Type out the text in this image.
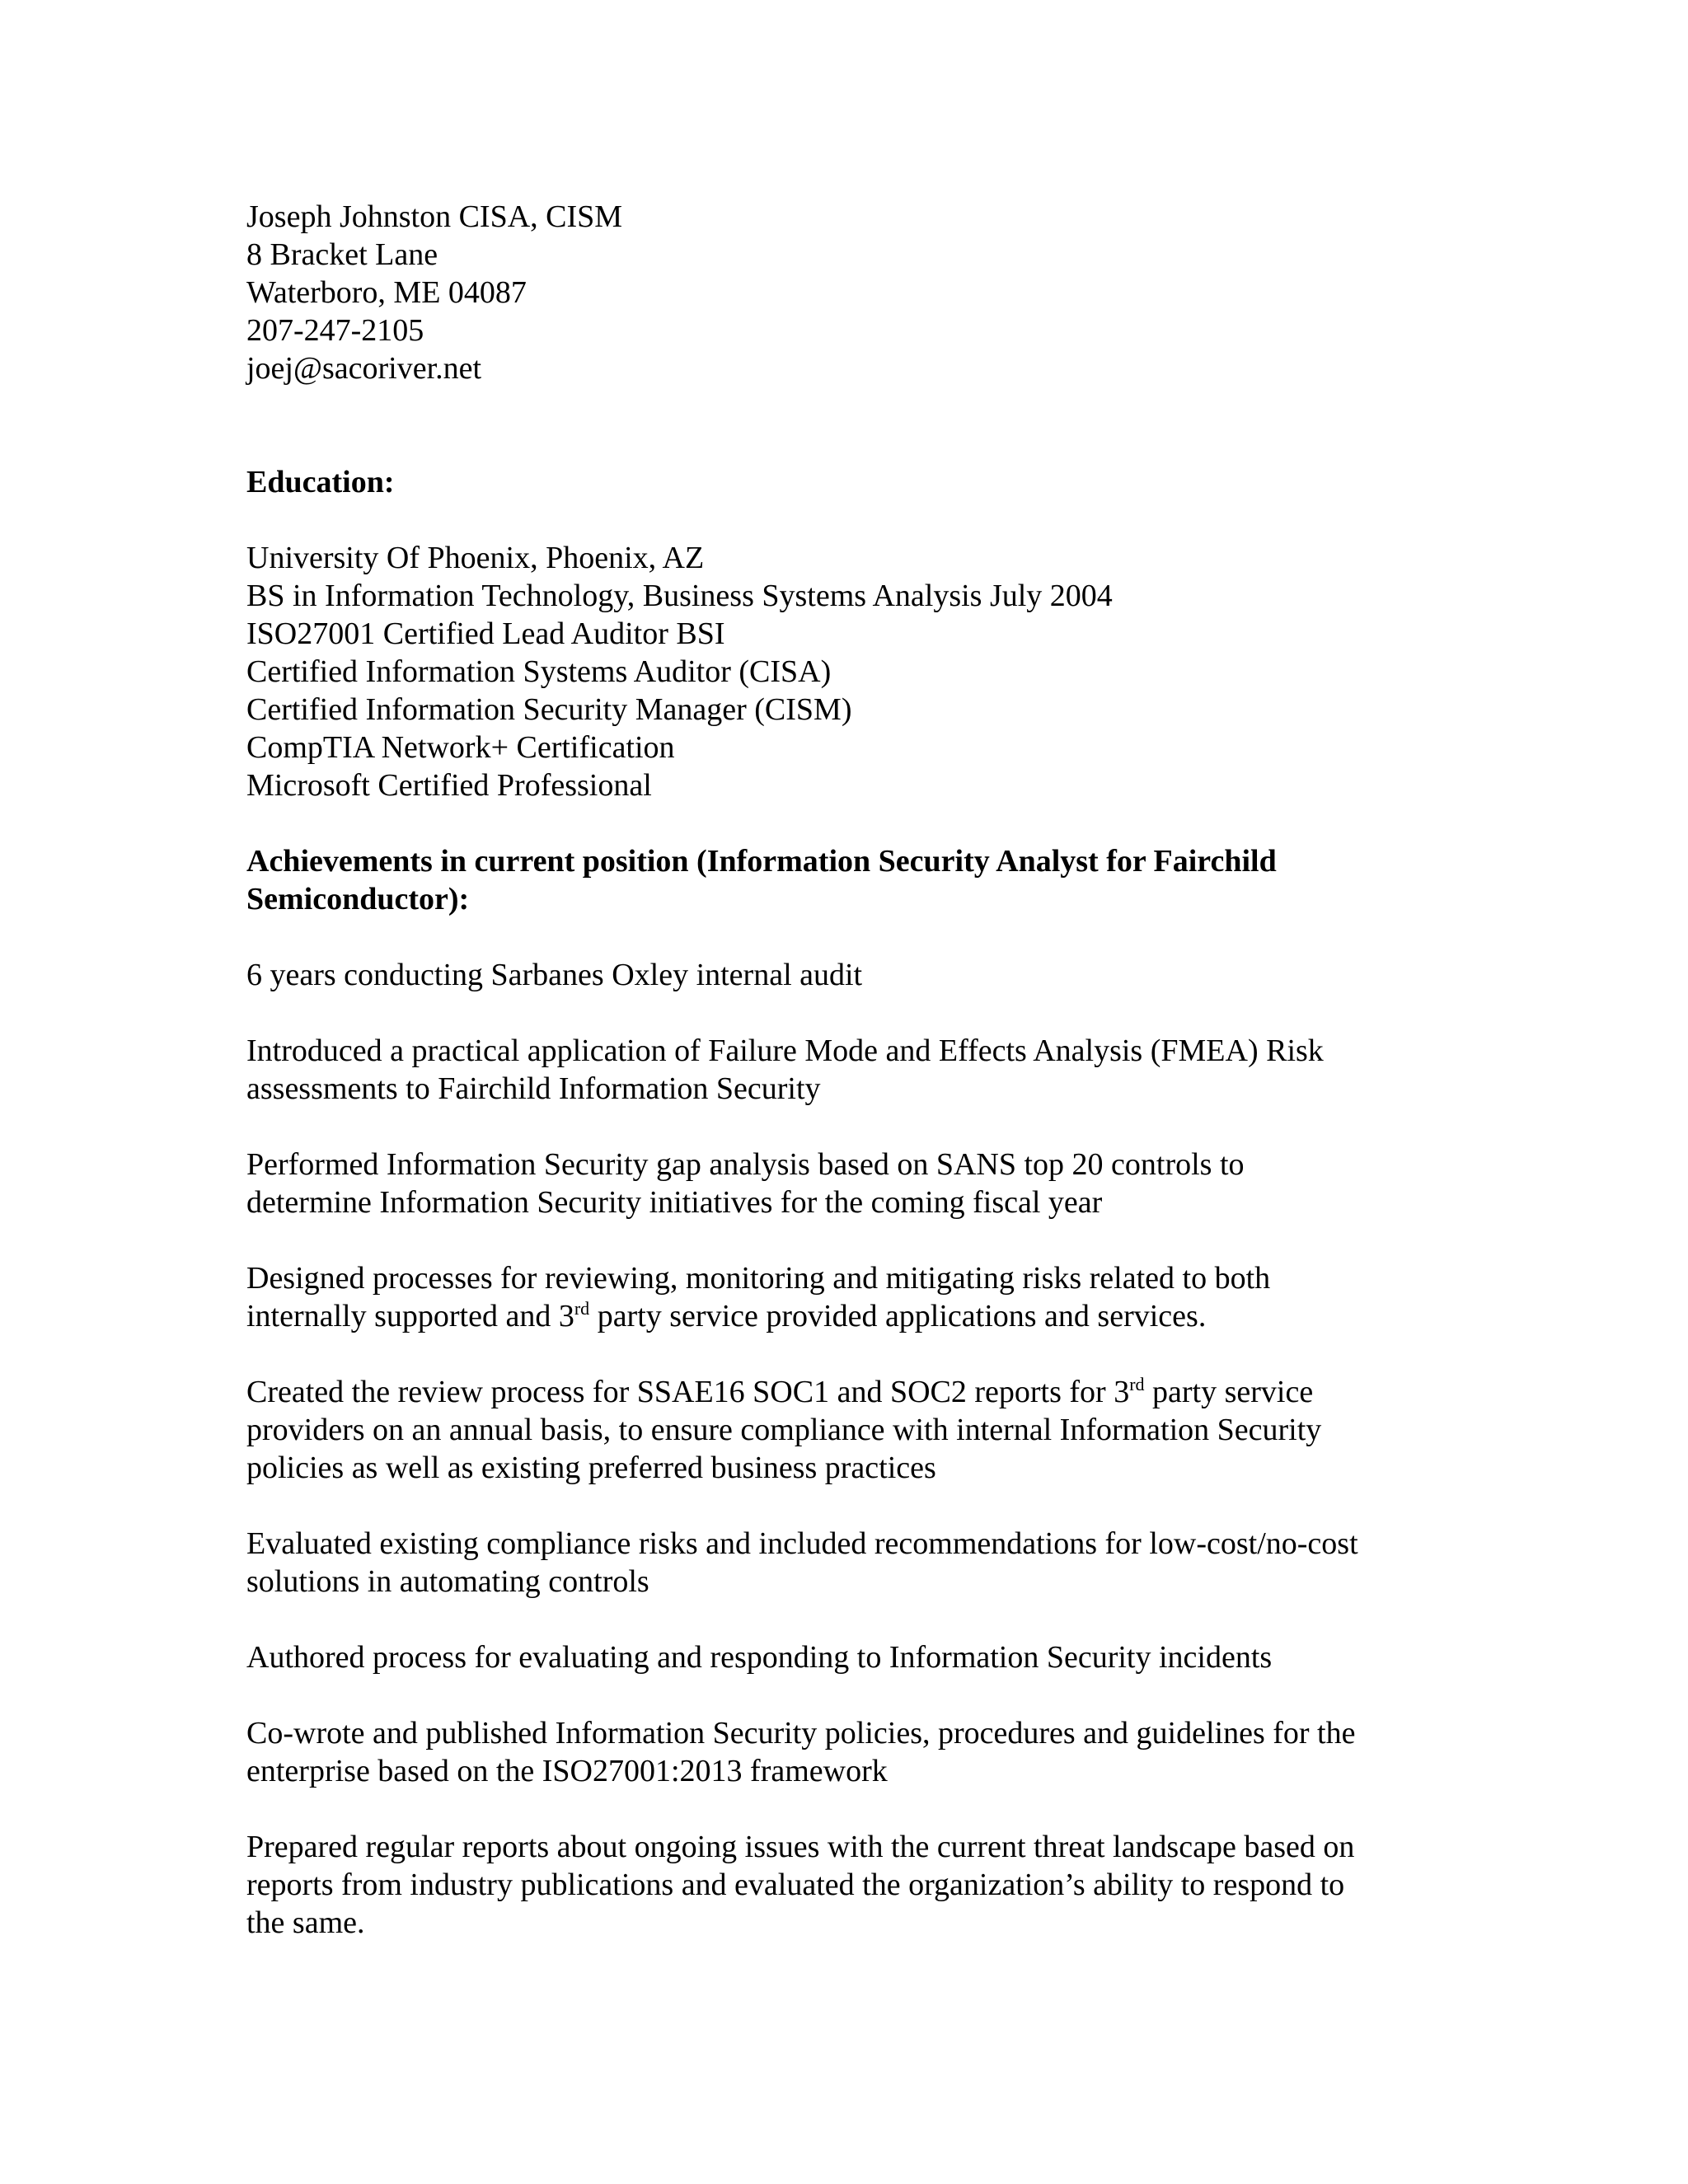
Joseph Johnston CISA, CISM
8 Bracket Lane
Waterboro, ME 04087
207-247-2105
joej@sacoriver.net
Education:
University Of Phoenix, Phoenix, AZ
BS in Information Technology, Business Systems Analysis July 2004
ISO27001 Certified Lead Auditor BSI
Certified Information Systems Auditor (CISA)
Certified Information Security Manager (CISM)
CompTIA Network+ Certification
Microsoft Certified Professional
Achievements in current position (Information Security Analyst for Fairchild
Semiconductor):
6 years conducting Sarbanes Oxley internal audit
Introduced a practical application of Failure Mode and Effects Analysis (FMEA) Risk
assessments to Fairchild Information Security
Performed Information Security gap analysis based on SANS top 20 controls to
determine Information Security initiatives for the coming fiscal year
Designed processes for reviewing, monitoring and mitigating risks related to both
internally supported and 3rd party service provided applications and services.
Created the review process for SSAE16 SOC1 and SOC2 reports for 3rd party service
providers on an annual basis, to ensure compliance with internal Information Security
policies as well as existing preferred business practices
Evaluated existing compliance risks and included recommendations for low-cost/no-cost
solutions in automating controls
Authored process for evaluating and responding to Information Security incidents
Co-wrote and published Information Security policies, procedures and guidelines for the
enterprise based on the ISO27001:2013 framework
Prepared regular reports about ongoing issues with the current threat landscape based on
reports from industry publications and evaluated the organization’s ability to respond to
the same.
